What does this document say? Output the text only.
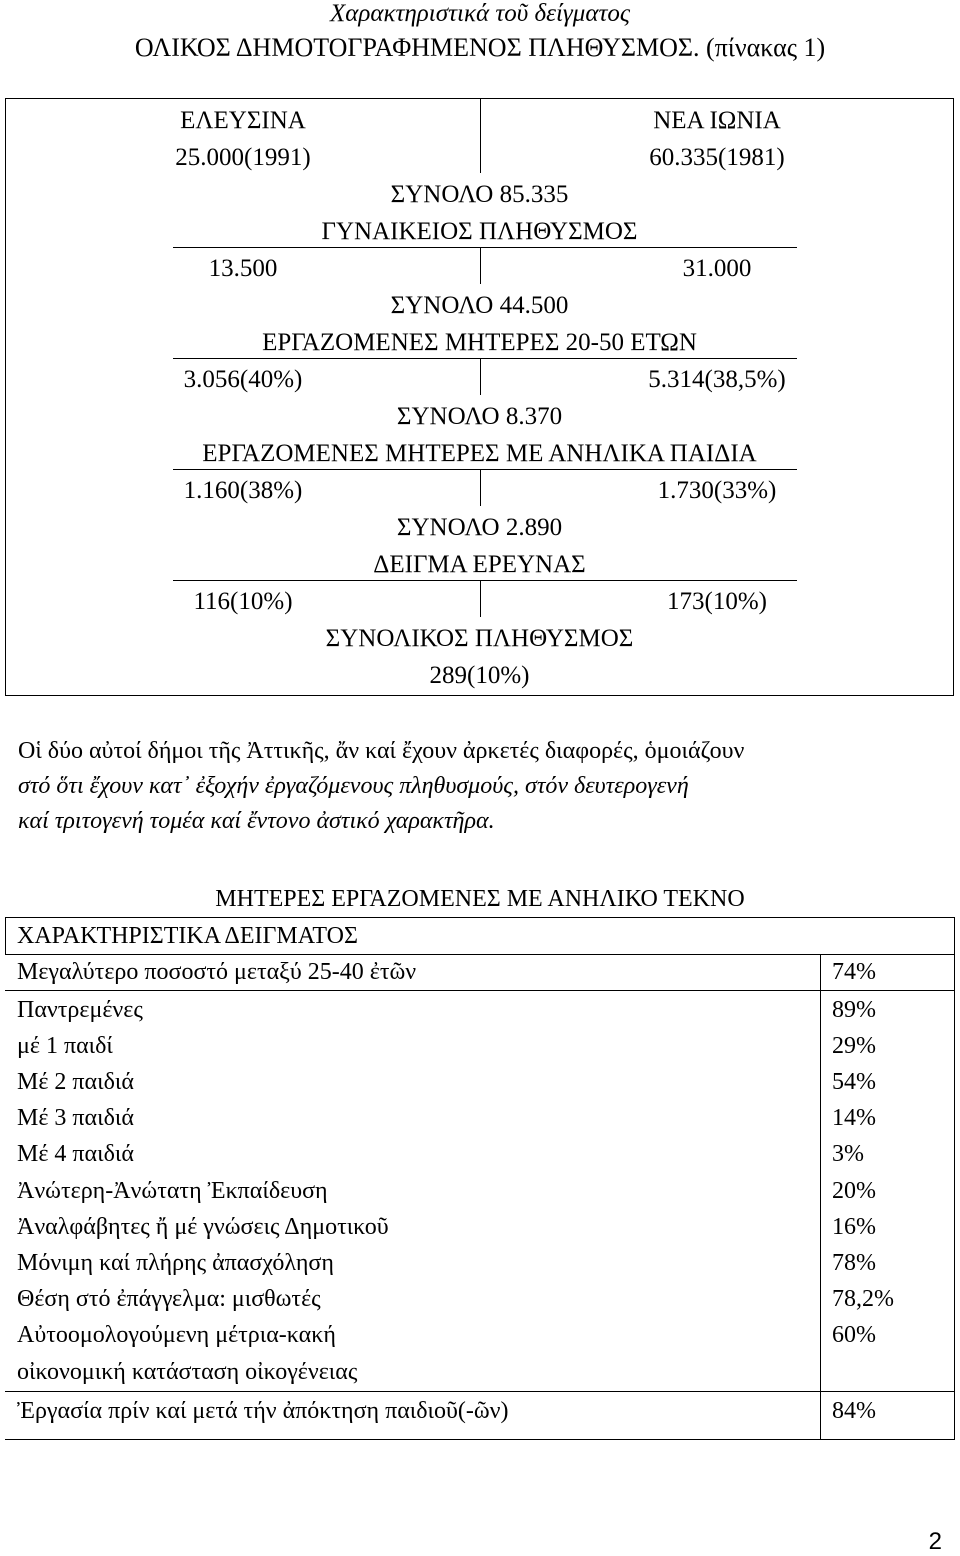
Χαρακτηριστικά τοῦ δείγματος
ΟΛΙΚΟΣ ΔΗΜΟΤΟΓΡΑΦΗΜΕΝΟΣ ΠΛΗΘΥΣΜΟΣ. (πίνακας 1)
ΕΛΕΥΣΙΝΑ	ΝΕΑ ΙΩΝΙΑ
25.000(1991)	60.335(1981)
ΣΥΝΟΛΟ 85.335
ΓΥΝΑΙΚΕΙΟΣ ΠΛΗΘΥΣΜΟΣ
13.500	31.000
ΣΥΝΟΛΟ 44.500
ΕΡΓΑΖΟΜΕΝΕΣ ΜΗΤΕΡΕΣ 20-50 ΕΤΩΝ
3.056(40%)	5.314(38,5%)
ΣΥΝΟΛΟ 8.370
ΕΡΓΑΖΟΜΕΝΕΣ ΜΗΤΕΡΕΣ ΜΕ ΑΝΗΛΙΚΑ ΠΑΙΔΙΑ
1.160(38%)	1.730(33%)
ΣΥΝΟΛΟ 2.890
ΔΕΙΓΜΑ ΕΡΕΥΝΑΣ
116(10%)	173(10%)
ΣΥΝΟΛΙΚΟΣ ΠΛΗΘΥΣΜΟΣ
289(10%)
Οἱ δύο αὐτοί δήμοι τῆς Ἀττικῆς, ἄν καί ἔχουν ἀρκετές διαφορές, ὁμοιάζουν
στό ὅτι ἔχουν κατ᾽ ἐξοχήν ἐργαζόμενους πληθυσμούς, στόν δευτερογενή
καί τριτογενή τομέα καί ἔντονο ἀστικό χαρακτῆρα.
ΜΗΤΕΡΕΣ ΕΡΓΑΖΟΜΕΝΕΣ ΜΕ ΑΝΗΛΙΚΟ ΤΕΚΝΟ
ΧΑΡΑΚΤΗΡΙΣΤΙΚΑ ΔΕΙΓΜΑΤΟΣ
Μεγαλύτερο ποσοστό μεταξύ 25-40 ἐτῶν	74%
Παντρεμένες	89%
μέ 1 παιδί	29%
Μέ 2 παιδιά	54%
Μέ 3 παιδιά	14%
Μέ 4 παιδιά	3%
Ἀνώτερη-Ἀνώτατη Ἐκπαίδευση	20%
Ἀναλφάβητες ἤ μέ γνώσεις Δημοτικοῦ	16%
Μόνιμη καί πλήρης ἀπασχόληση	78%
Θέση στό ἐπάγγελμα: μισθωτές	78,2%
Αὐτοομολογούμενη μέτρια-κακή	60%
οἰκονομική κατάσταση οἰκογένειας
Ἐργασία πρίν καί μετά τήν ἀπόκτηση παιδιοῦ(-ῶν)	84%
2
